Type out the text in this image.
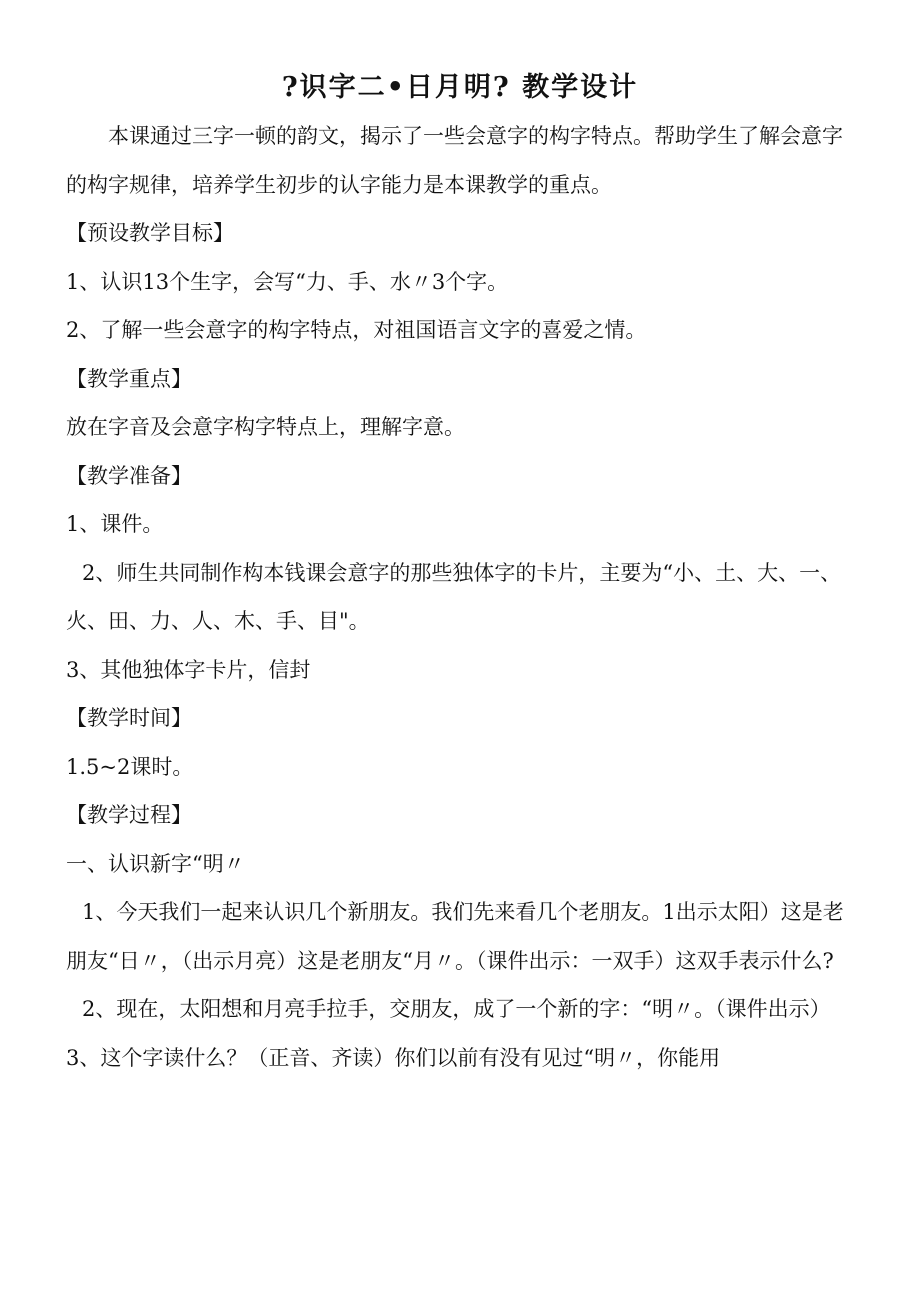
?识字二•日月明? 教学设计

本课通过三字一顿的韵文，揭示了一些会意字的构字特点。帮助学生了解会意字的构字规律，培养学生初步的认字能力是本课教学的重点。

【预设教学目标】

1、认识13个生字，会写“力、手、水〃3个字。

2、了解一些会意字的构字特点，对祖国语言文字的喜爱之情。

【教学重点】

放在字音及会意字构字特点上，理解字意。

【教学准备】

1、课件。

2、师生共同制作构本钱课会意字的那些独体字的卡片，主要为“小、土、大、一、火、田、力、人、木、手、目"。

3、其他独体字卡片，信封

【教学时间】

1.5~2课时。

【教学过程】

一、认识新字“明〃

1、今天我们一起来认识几个新朋友。我们先来看几个老朋友。1出示太阳）这是老朋友“日〃，（出示月亮）这是老朋友“月〃。（课件出示：一双手）这双手表示什么?

2、现在，太阳想和月亮手拉手，交朋友，成了一个新的字：“明〃。（课件出示）

3、这个字读什么？（正音、齐读）你们以前有没有见过“明〃，你能用
